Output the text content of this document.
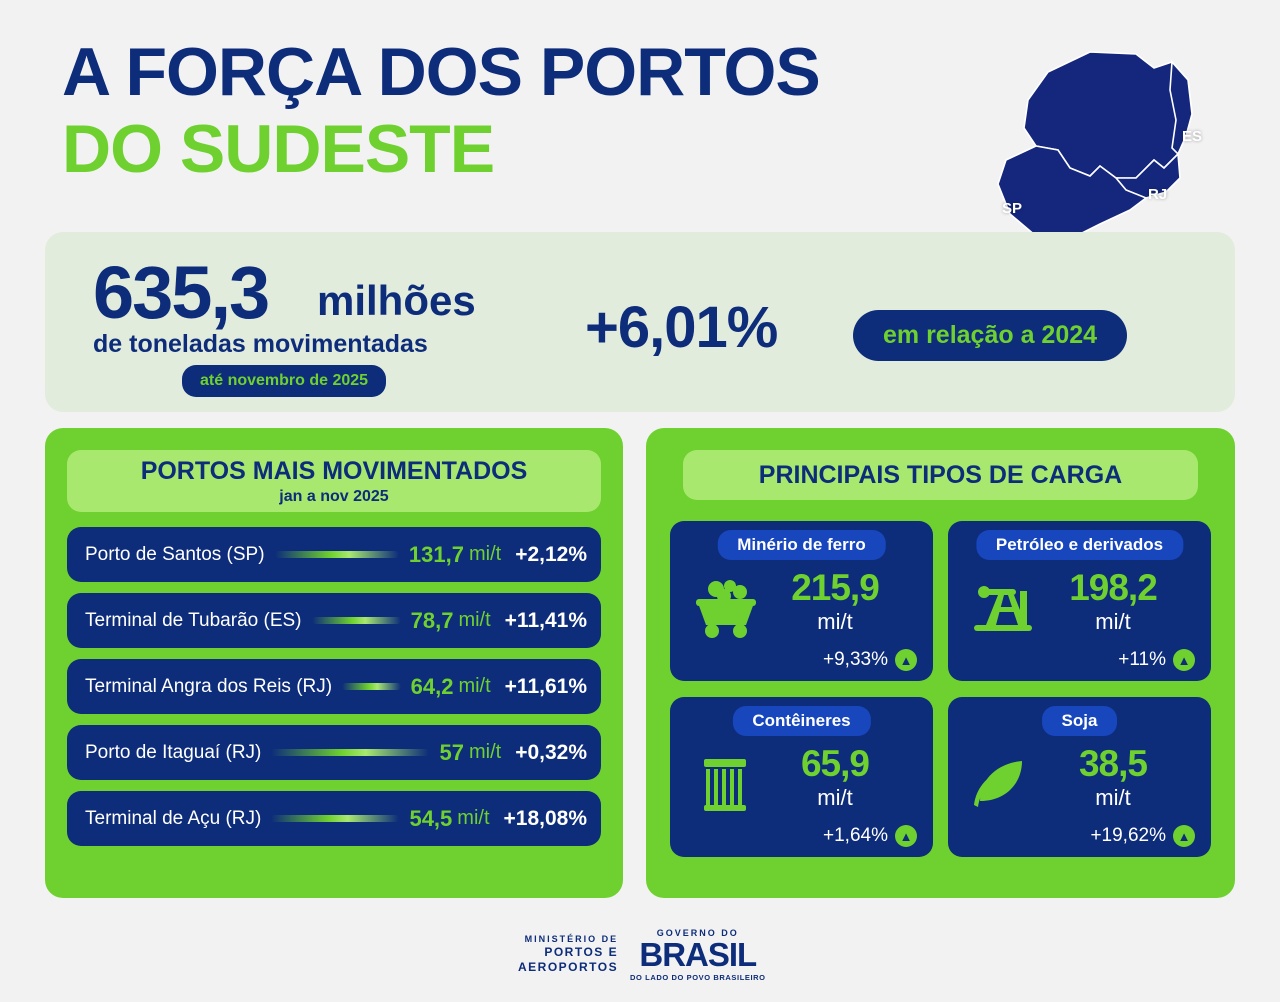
A FORÇA DOS PORTOS
DO SUDESTE	ES
RJ
SP
635,3 milhões
de toneladas movimentadas
até novembro de 2025
+6,01%	em relação a 2024
PORTOS MAIS MOVIMENTADOS
jan a nov 2025
Porto de Santos (SP)	131,7 mi/t +2,12%
Terminal de Tubarão (ES)	78,7 mi/t +11,41%
Terminal Angra dos Reis (RJ)	64,2 mi/t +11,61%
Porto de Itaguaí (RJ)	57 mi/t +0,32%
Terminal de Açu (RJ)	54,5 mi/t +18,08%
PRINCIPAIS TIPOS DE CARGA
Minério de ferro
215,9
mi/t
+9,33% ▲
Petróleo e derivados
198,2
mi/t
+11% ▲
Contêineres
65,9
mi/t
+1,64% ▲
Soja
38,5
mi/t
+19,62% ▲
MINISTÉRIO DE
PORTOS E
AEROPORTOS
GOVERNO DO
BRASIL
DO LADO DO POVO BRASILEIRO
